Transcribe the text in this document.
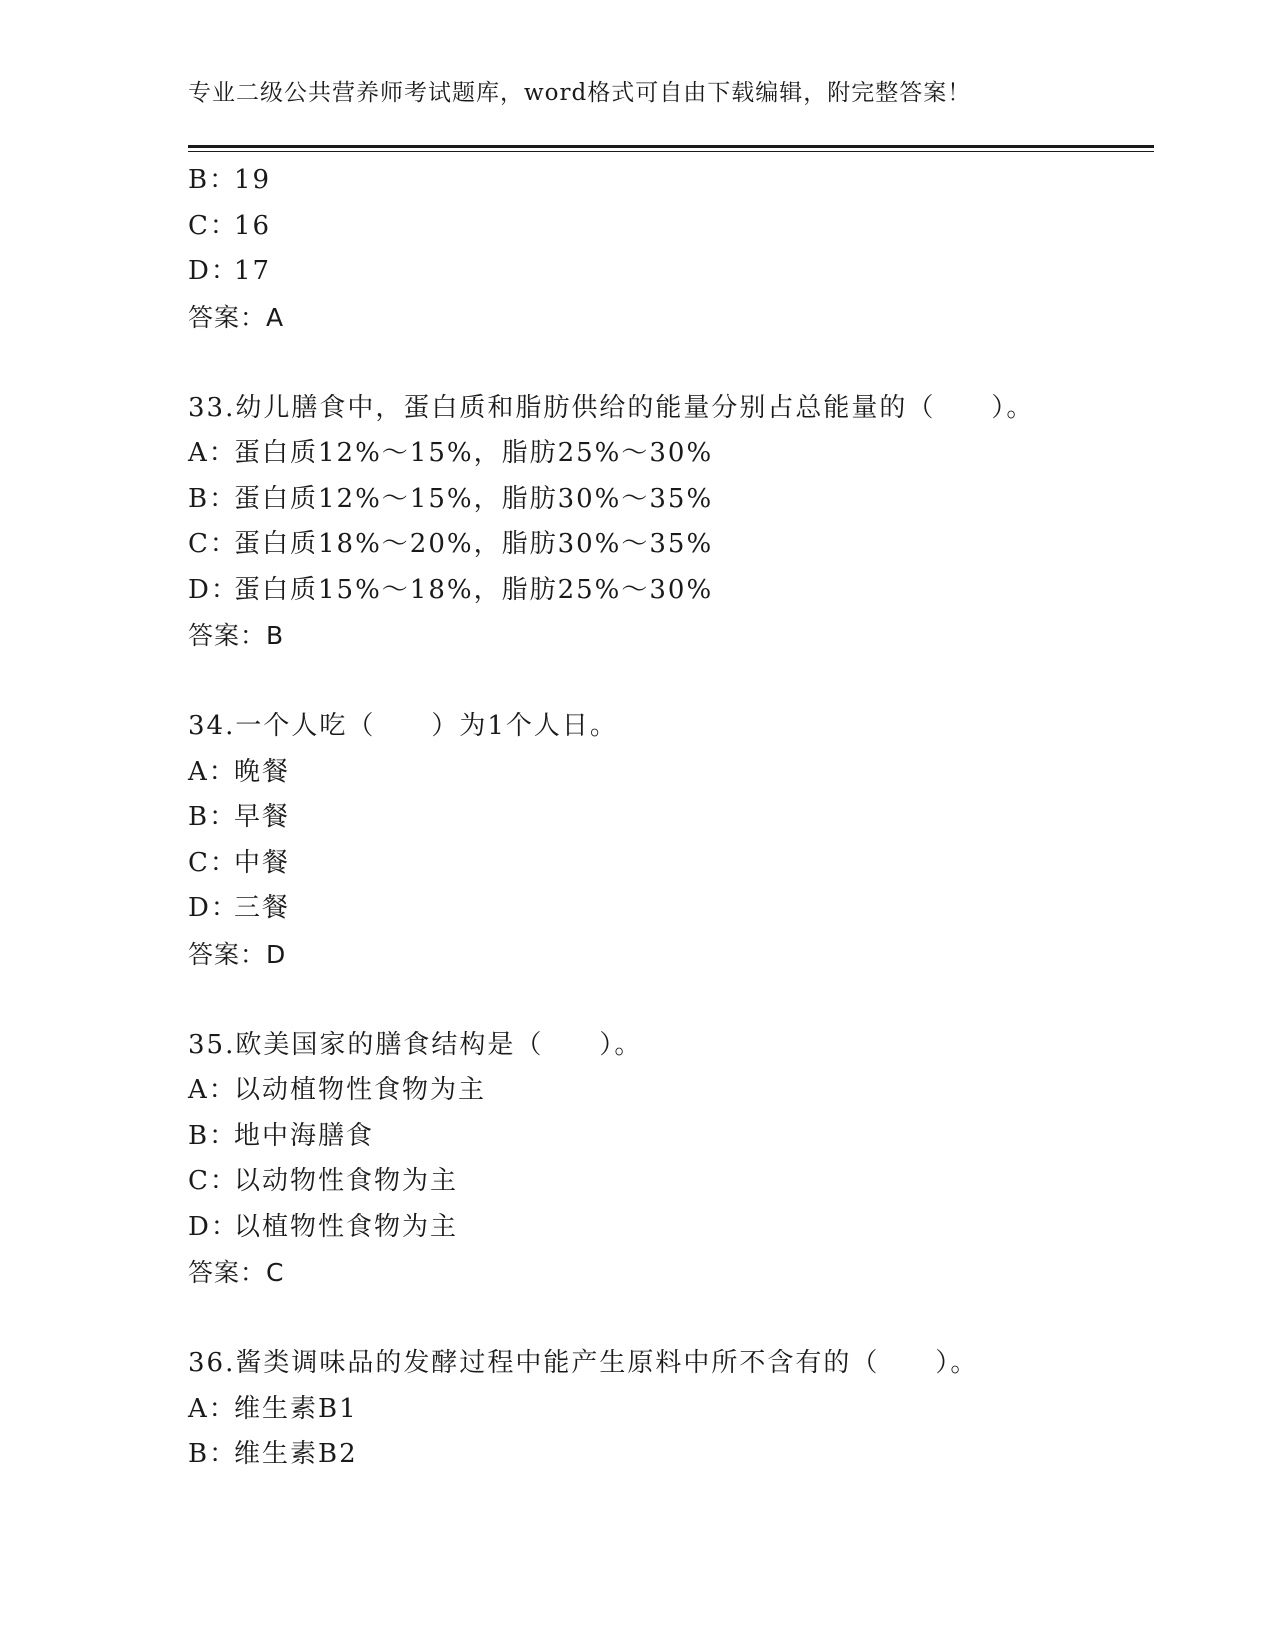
专业二级公共营养师考试题库，word格式可自由下载编辑，附完整答案！
B：19
C：16
D：17
答案：A
33.幼儿膳食中，蛋白质和脂肪供给的能量分别占总能量的（　　）。
A：蛋白质12%～15%，脂肪25%～30%
B：蛋白质12%～15%，脂肪30%～35%
C：蛋白质18%～20%，脂肪30%～35%
D：蛋白质15%～18%，脂肪25%～30%
答案：B
34.一个人吃（　　）为1个人日。
A：晚餐
B：早餐
C：中餐
D：三餐
答案：D
35.欧美国家的膳食结构是（　　）。
A：以动植物性食物为主
B：地中海膳食
C：以动物性食物为主
D：以植物性食物为主
答案：C
36.酱类调味品的发酵过程中能产生原料中所不含有的（　　）。
A：维生素B1
B：维生素B2
